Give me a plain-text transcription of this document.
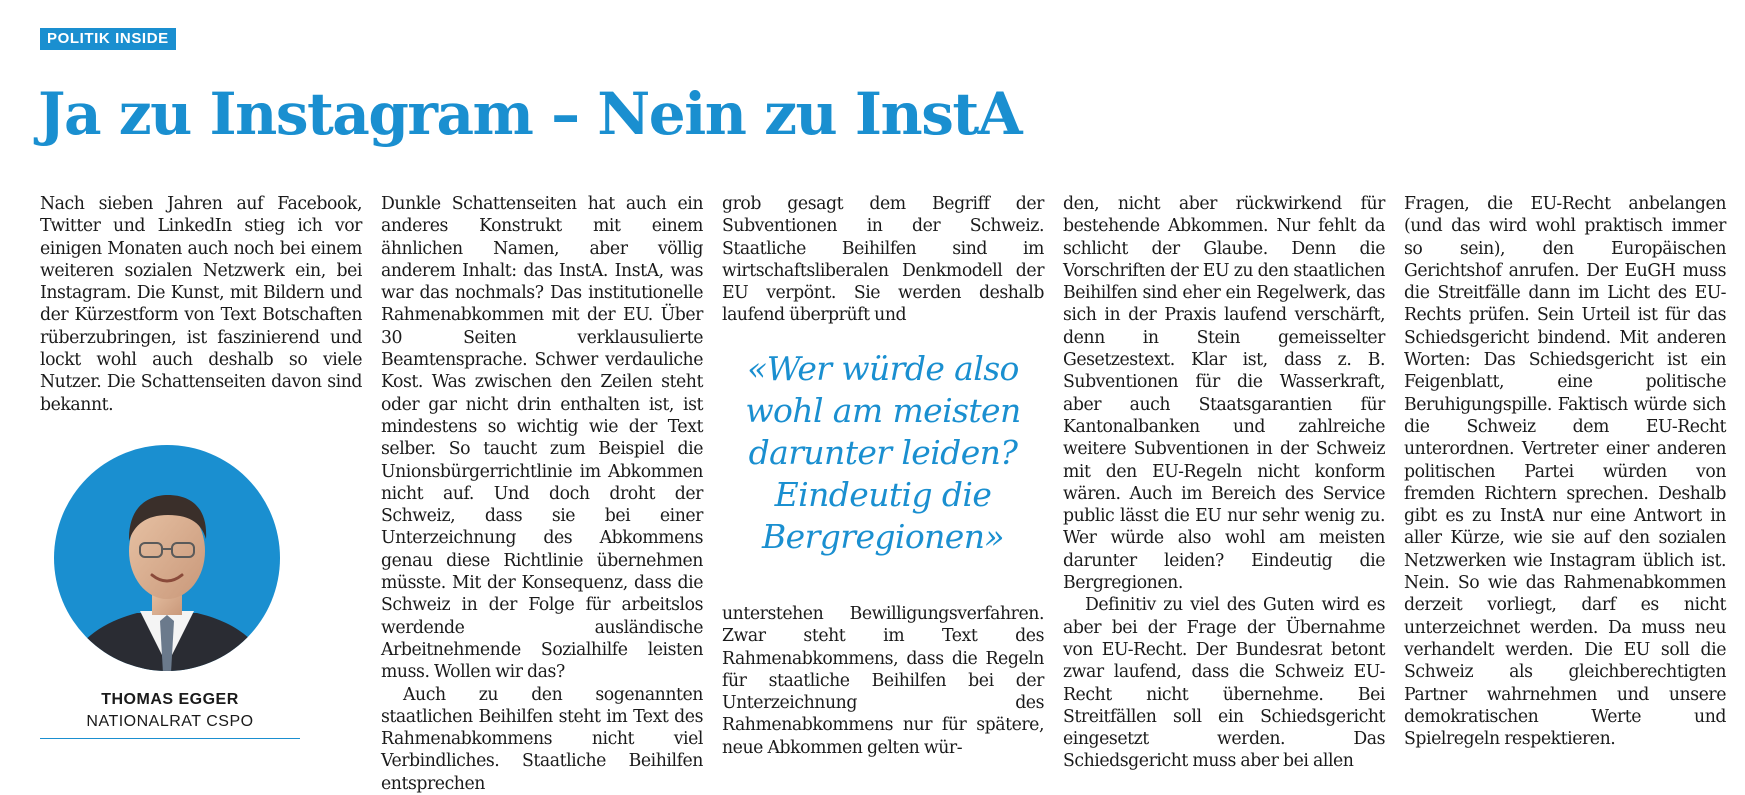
POLITIK INSIDE
Ja zu Instagram – Nein zu InstA

Nach sieben Jahren auf Facebook, Twitter und LinkedIn stieg ich vor einigen Monaten auch noch bei einem weiteren sozialen Netzwerk ein, bei Instagram. Die Kunst, mit Bildern und der Kürzestform von Text Botschaften rüberzubringen, ist faszinierend und lockt wohl auch deshalb so viele Nutzer. Die Schattenseiten davon sind bekannt.

Dunkle Schattenseiten hat auch ein anderes Konstrukt mit einem ähnlichen Namen, aber völlig anderem Inhalt: das InstA. InstA, was war das nochmals? Das institutionelle Rahmenabkommen mit der EU. Über 30 Seiten verklausulierte Beamtensprache. Schwer verdauliche Kost. Was zwischen den Zeilen steht oder gar nicht drin enthalten ist, ist mindestens so wichtig wie der Text selber. So taucht zum Beispiel die Unionsbürgerrichtlinie im Abkommen nicht auf. Und doch droht der Schweiz, dass sie bei einer Unterzeichnung des Abkommens genau diese Richtlinie übernehmen müsste. Mit der Konsequenz, dass die Schweiz in der Folge für arbeitslos werdende ausländische Arbeitnehmende Sozialhilfe leisten muss. Wollen wir das?

Auch zu den sogenannten staatlichen Beihilfen steht im Text des Rahmenabkommens nicht viel Verbindliches. Staatliche Beihilfen entsprechen

grob gesagt dem Begriff der Subventionen in der Schweiz. Staatliche Beihilfen sind im wirtschaftsliberalen Denkmodell der EU verpönt. Sie werden deshalb laufend überprüft und

«Wer würde also wohl am meisten darunter leiden? Eindeutig die Bergregionen»

unterstehen Bewilligungsverfahren. Zwar steht im Text des Rahmenabkommens, dass die Regeln für staatliche Beihilfen bei der Unterzeichnung des Rahmenabkommens nur für spätere, neue Abkommen gelten wür-

den, nicht aber rückwirkend für bestehende Abkommen. Nur fehlt da schlicht der Glaube. Denn die Vorschriften der EU zu den staatlichen Beihilfen sind eher ein Regelwerk, das sich in der Praxis laufend verschärft, denn in Stein gemeisselter Gesetzestext. Klar ist, dass z. B. Subventionen für die Wasserkraft, aber auch Staatsgarantien für Kantonalbanken und zahlreiche weitere Subventionen in der Schweiz mit den EU-Regeln nicht konform wären. Auch im Bereich des Service public lässt die EU nur sehr wenig zu. Wer würde also wohl am meisten darunter leiden? Eindeutig die Bergregionen.

Definitiv zu viel des Guten wird es aber bei der Frage der Übernahme von EU-Recht. Der Bundesrat betont zwar laufend, dass die Schweiz EU-Recht nicht übernehme. Bei Streitfällen soll ein Schiedsgericht eingesetzt werden. Das Schiedsgericht muss aber bei allen

Fragen, die EU-Recht anbelangen (und das wird wohl praktisch immer so sein), den Europäischen Gerichtshof anrufen. Der EuGH muss die Streitfälle dann im Licht des EU-Rechts prüfen. Sein Urteil ist für das Schiedsgericht bindend. Mit anderen Worten: Das Schiedsgericht ist ein Feigenblatt, eine politische Beruhigungspille. Faktisch würde sich die Schweiz dem EU-Recht unterordnen. Vertreter einer anderen politischen Partei würden von fremden Richtern sprechen. Deshalb gibt es zu InstA nur eine Antwort in aller Kürze, wie sie auf den sozialen Netzwerken wie Instagram üblich ist. Nein. So wie das Rahmenabkommen derzeit vorliegt, darf es nicht unterzeichnet werden. Da muss neu verhandelt werden. Die EU soll die Schweiz als gleichberechtigten Partner wahrnehmen und unsere demokratischen Werte und Spielregeln respektieren.

THOMAS EGGER
NATIONALRAT CSPO
